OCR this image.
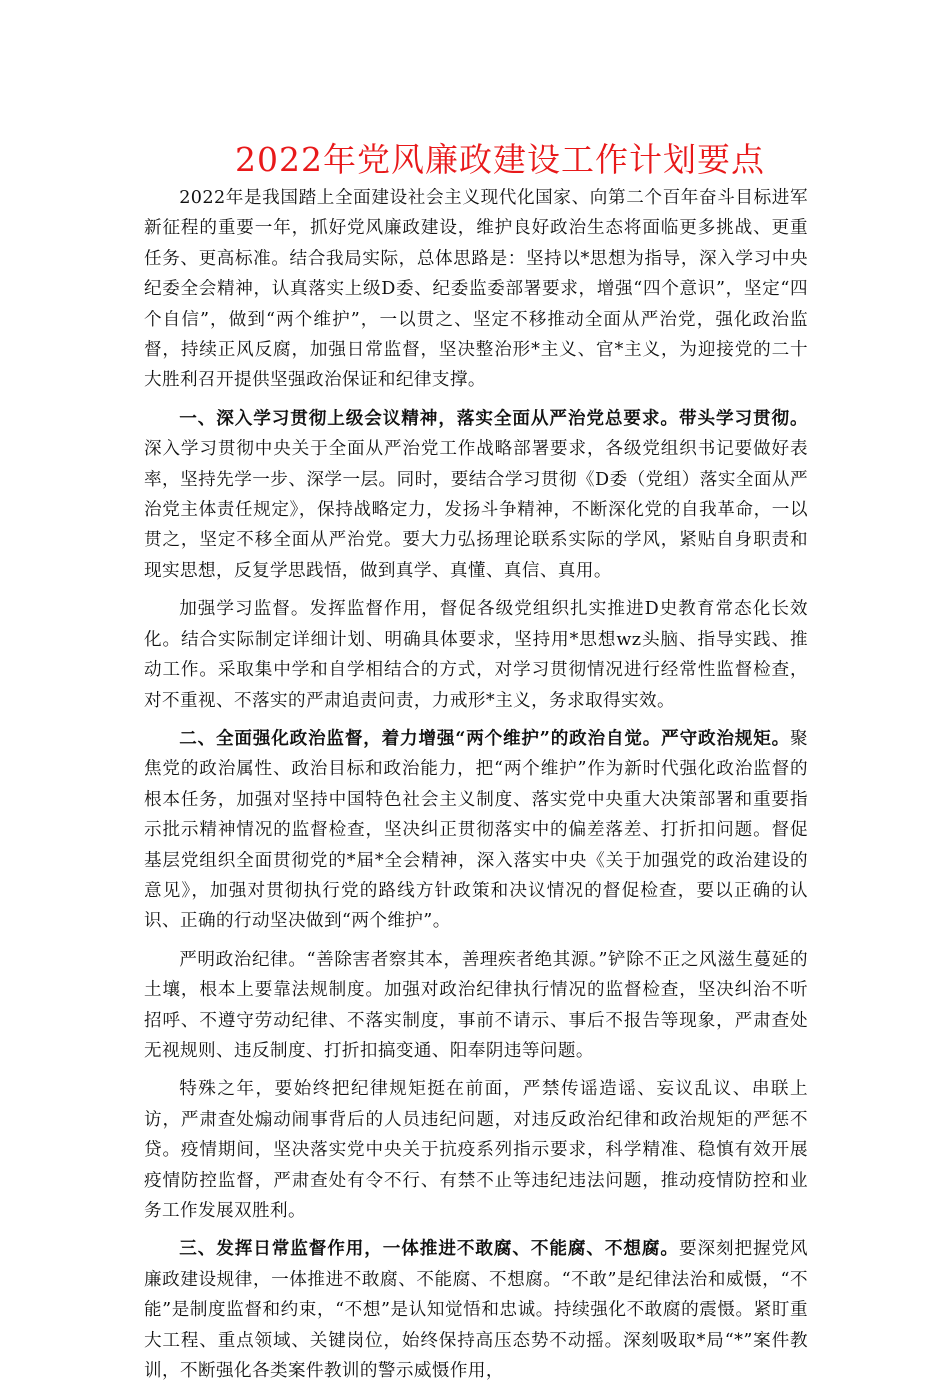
2022年党风廉政建设工作计划要点

2022年是我国踏上全面建设社会主义现代化国家、向第二个百年奋斗目标进军新征程的重要一年，抓好党风廉政建设，维护良好政治生态将面临更多挑战、更重任务、更高标准。结合我局实际，总体思路是：坚持以*思想为指导，深入学习中央纪委全会精神，认真落实上级D委、纪委监委部署要求，增强“四个意识”，坚定“四个自信”，做到“两个维护”，一以贯之、坚定不移推动全面从严治党，强化政治监督，持续正风反腐，加强日常监督，坚决整治形*主义、官*主义，为迎接党的二十大胜利召开提供坚强政治保证和纪律支撑。

一、深入学习贯彻上级会议精神，落实全面从严治党总要求。带头学习贯彻。深入学习贯彻中央关于全面从严治党工作战略部署要求，各级党组织书记要做好表率，坚持先学一步、深学一层。同时，要结合学习贯彻《D委（党组）落实全面从严治党主体责任规定》，保持战略定力，发扬斗争精神，不断深化党的自我革命，一以贯之，坚定不移全面从严治党。要大力弘扬理论联系实际的学风，紧贴自身职责和现实思想，反复学思践悟，做到真学、真懂、真信、真用。

加强学习监督。发挥监督作用，督促各级党组织扎实推进D史教育常态化长效化。结合实际制定详细计划、明确具体要求，坚持用*思想wz头脑、指导实践、推动工作。采取集中学和自学相结合的方式，对学习贯彻情况进行经常性监督检查，对不重视、不落实的严肃追责问责，力戒形*主义，务求取得实效。

二、全面强化政治监督，着力增强“两个维护”的政治自觉。严守政治规矩。聚焦党的政治属性、政治目标和政治能力，把“两个维护”作为新时代强化政治监督的根本任务，加强对坚持中国特色社会主义制度、落实党中央重大决策部署和重要指示批示精神情况的监督检查，坚决纠正贯彻落实中的偏差落差、打折扣问题。督促基层党组织全面贯彻党的*届*全会精神，深入落实中央《关于加强党的政治建设的意见》，加强对贯彻执行党的路线方针政策和决议情况的督促检查，要以正确的认识、正确的行动坚决做到“两个维护”。

严明政治纪律。“善除害者察其本，善理疾者绝其源。”铲除不正之风滋生蔓延的土壤，根本上要靠法规制度。加强对政治纪律执行情况的监督检查，坚决纠治不听招呼、不遵守劳动纪律、不落实制度，事前不请示、事后不报告等现象，严肃查处无视规则、违反制度、打折扣搞变通、阳奉阴违等问题。

特殊之年，要始终把纪律规矩挺在前面，严禁传谣造谣、妄议乱议、串联上访，严肃查处煽动闹事背后的人员违纪问题，对违反政治纪律和政治规矩的严惩不贷。疫情期间，坚决落实党中央关于抗疫系列指示要求，科学精准、稳慎有效开展疫情防控监督，严肃查处有令不行、有禁不止等违纪违法问题，推动疫情防控和业务工作发展双胜利。

三、发挥日常监督作用，一体推进不敢腐、不能腐、不想腐。要深刻把握党风廉政建设规律，一体推进不敢腐、不能腐、不想腐。“不敢”是纪律法治和威慑，“不能”是制度监督和约束，“不想”是认知觉悟和忠诚。持续强化不敢腐的震慑。紧盯重大工程、重点领域、关键岗位，始终保持高压态势不动摇。深刻吸取*局“*”案件教训，不断强化各类案件教训的警示威慑作用，
